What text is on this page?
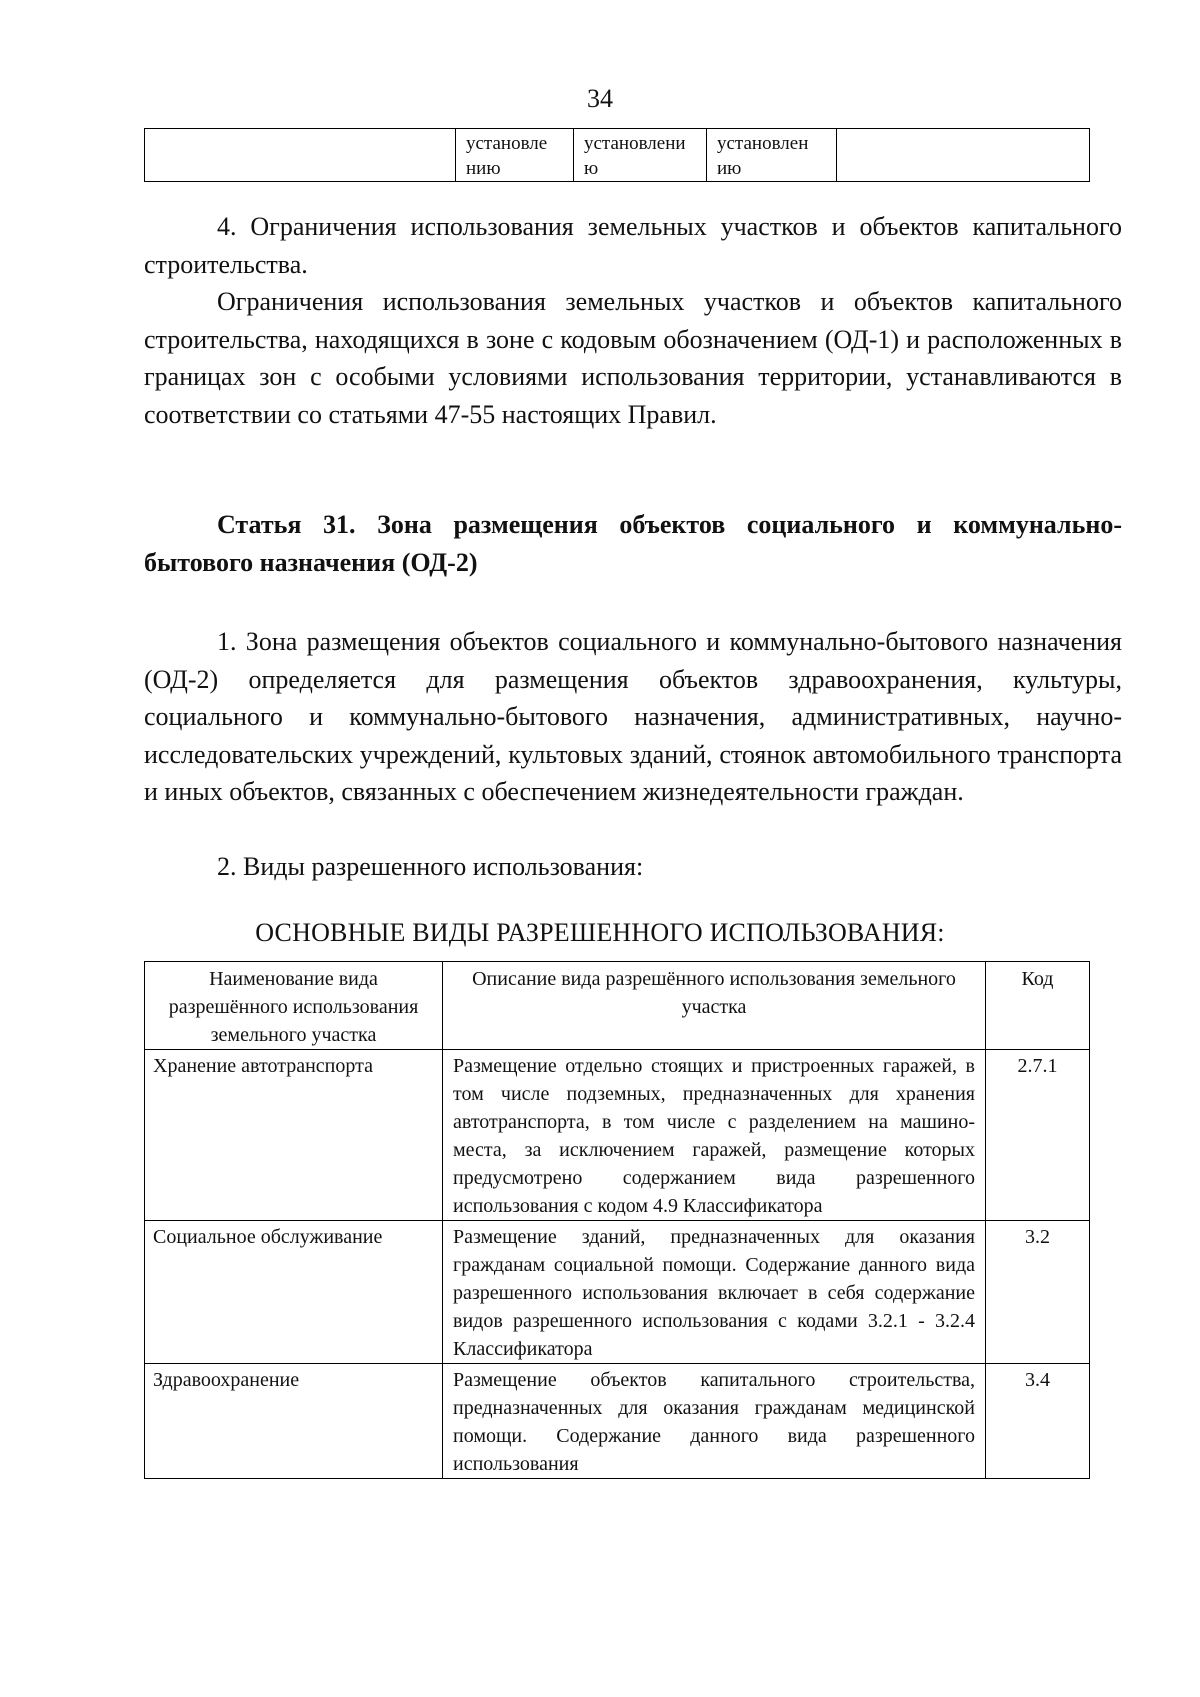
34
	установле нию	установлени ю	установлен ию	

4. Ограничения использования земельных участков и объектов капитального строительства.

Ограничения использования земельных участков и объектов капитального строительства, находящихся в зоне с кодовым обозначением (ОД-1) и расположенных в границах зон с особыми условиями использования территории, устанавливаются в соответствии со статьями 47-55 настоящих Правил.

Статья 31. Зона размещения объектов социального и коммунально-бытового назначения (ОД-2)

1. Зона размещения объектов социального и коммунально-бытового назначения (ОД-2) определяется для размещения объектов здравоохранения, культуры, социального и коммунально-бытового назначения, административных, научно-исследовательских учреждений, культовых зданий, стоянок автомобильного транспорта и иных объектов, связанных с обеспечением жизнедеятельности граждан.

2. Виды разрешенного использования:

ОСНОВНЫЕ ВИДЫ РАЗРЕШЕННОГО ИСПОЛЬЗОВАНИЯ:
Наименование вида разрешённого использования земельного участка	Описание вида разрешённого использования земельного участка	Код
Хранение автотранспорта	Размещение отдельно стоящих и пристроенных гаражей, в том числе подземных, предназначенных для хранения автотранспорта, в том числе с разделением на машино-места, за исключением гаражей, размещение которых предусмотрено содержанием вида разрешенного использования с кодом 4.9 Классификатора	2.7.1
Социальное обслуживание	Размещение зданий, предназначенных для оказания гражданам социальной помощи. Содержание данного вида разрешенного использования включает в себя содержание видов разрешенного использования с кодами 3.2.1 - 3.2.4 Классификатора	3.2
Здравоохранение	Размещение объектов капитального строительства, предназначенных для оказания гражданам медицинской помощи. Содержание данного вида разрешенного использования	3.4
